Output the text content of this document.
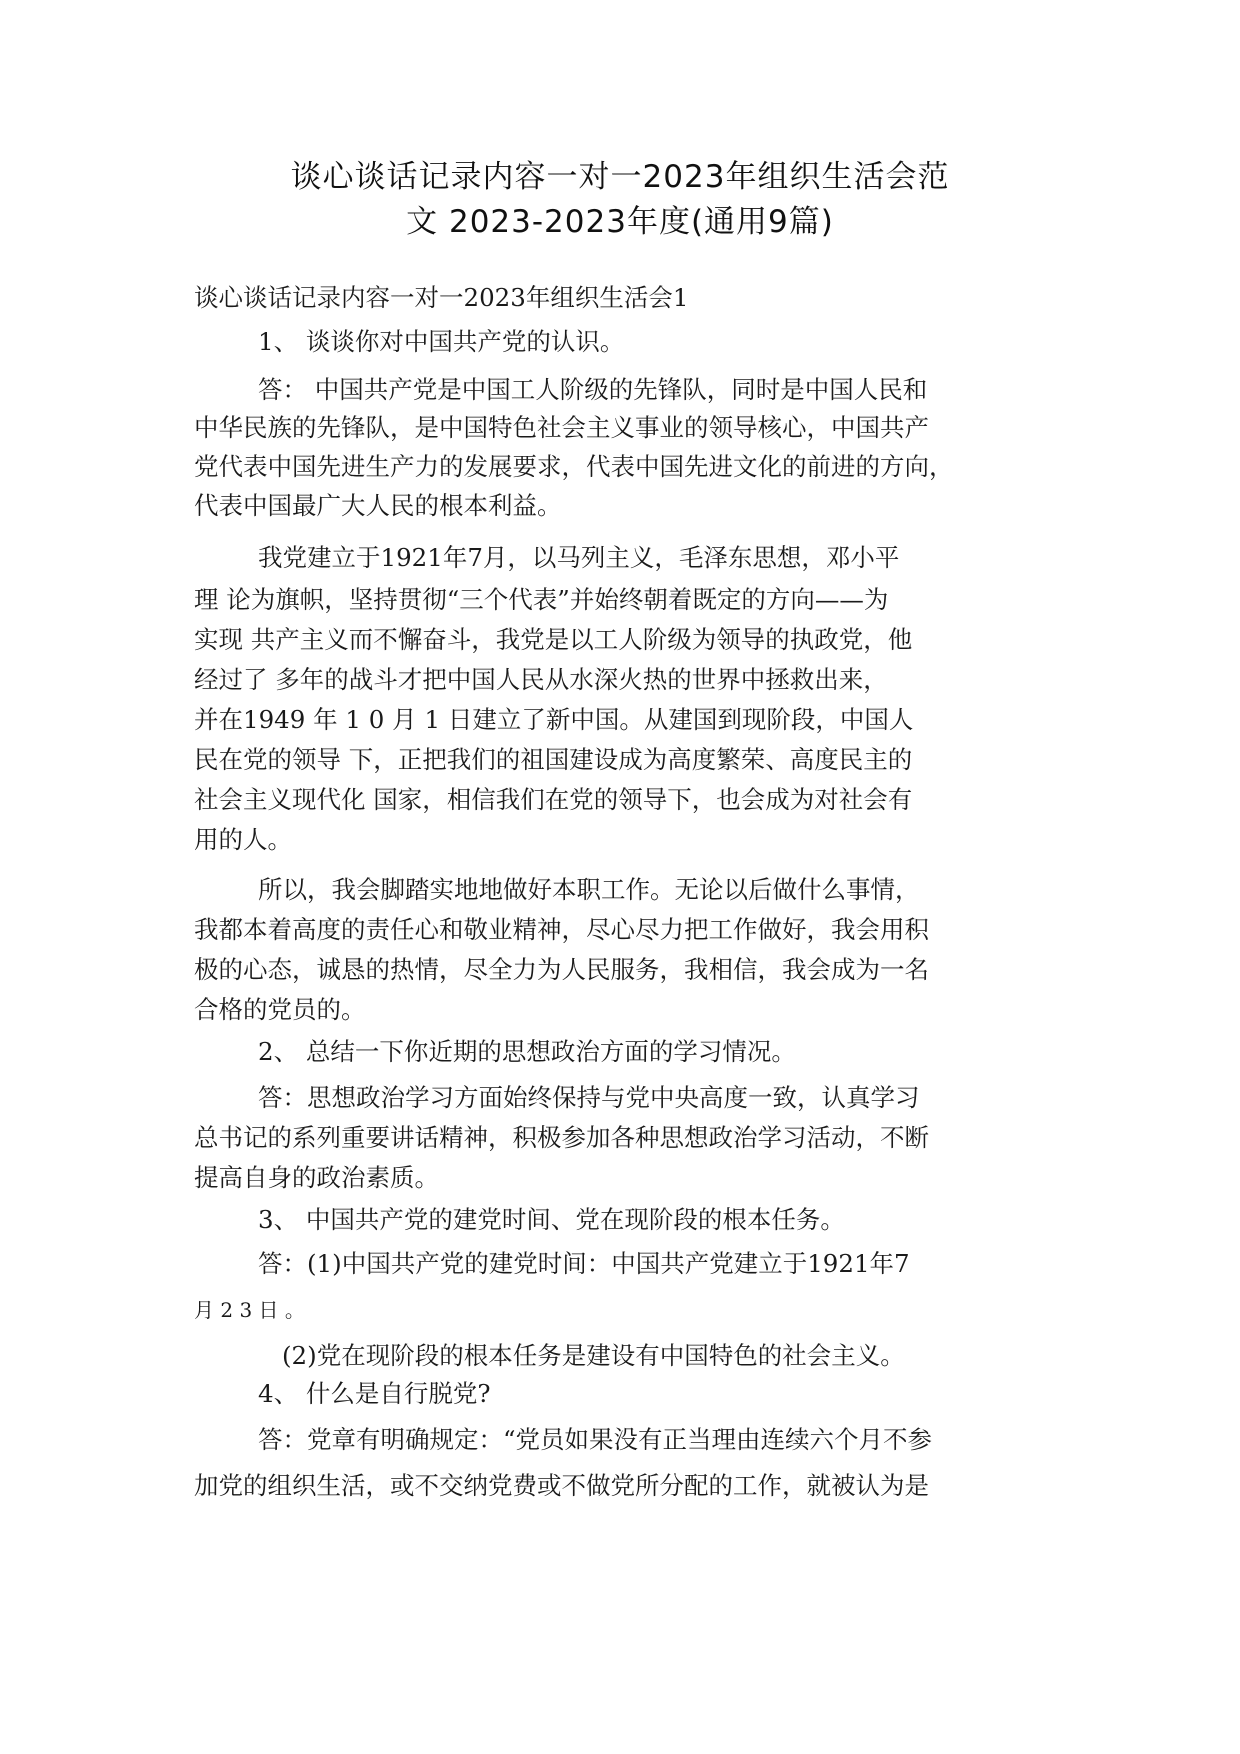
谈心谈话记录内容一对一2023年组织生活会范
文 2023-2023年度(通用9篇)
谈心谈话记录内容一对一2023年组织生活会1
1、 谈谈你对中国共产党的认识。
答： 中国共产党是中国工人阶级的先锋队，同时是中国人民和
中华民族的先锋队，是中国特色社会主义事业的领导核心，中国共产
党代表中国先进生产力的发展要求，代表中国先进文化的前进的方向，
代表中国最广大人民的根本利益。
我党建立于1921年7月，以马列主义，毛泽东思想，邓小平
理 论为旗帜，坚持贯彻“三个代表”并始终朝着既定的方向——为
实现 共产主义而不懈奋斗，我党是以工人阶级为领导的执政党，他
经过了 多年的战斗才把中国人民从水深火热的世界中拯救出来，
并在1949 年 1 0 月 1 日建立了新中国。从建国到现阶段，中国人
民在党的领导 下，正把我们的祖国建设成为高度繁荣、高度民主的
社会主义现代化 国家，相信我们在党的领导下，也会成为对社会有
用的人。
所以，我会脚踏实地地做好本职工作。无论以后做什么事情，
我都本着高度的责任心和敬业精神，尽心尽力把工作做好，我会用积
极的心态，诚恳的热情，尽全力为人民服务，我相信，我会成为一名
合格的党员的。
2、 总结一下你近期的思想政治方面的学习情况。
答：思想政治学习方面始终保持与党中央高度一致，认真学习
总书记的系列重要讲话精神，积极参加各种思想政治学习活动，不断
提高自身的政治素质。
3、 中国共产党的建党时间、党在现阶段的根本任务。
答：(1)中国共产党的建党时间：中国共产党建立于1921年7
月 2 3 日 。
(2)党在现阶段的根本任务是建设有中国特色的社会主义。
4、 什么是自行脱党?
答：党章有明确规定：“党员如果没有正当理由连续六个月不参
加党的组织生活，或不交纳党费或不做党所分配的工作，就被认为是
